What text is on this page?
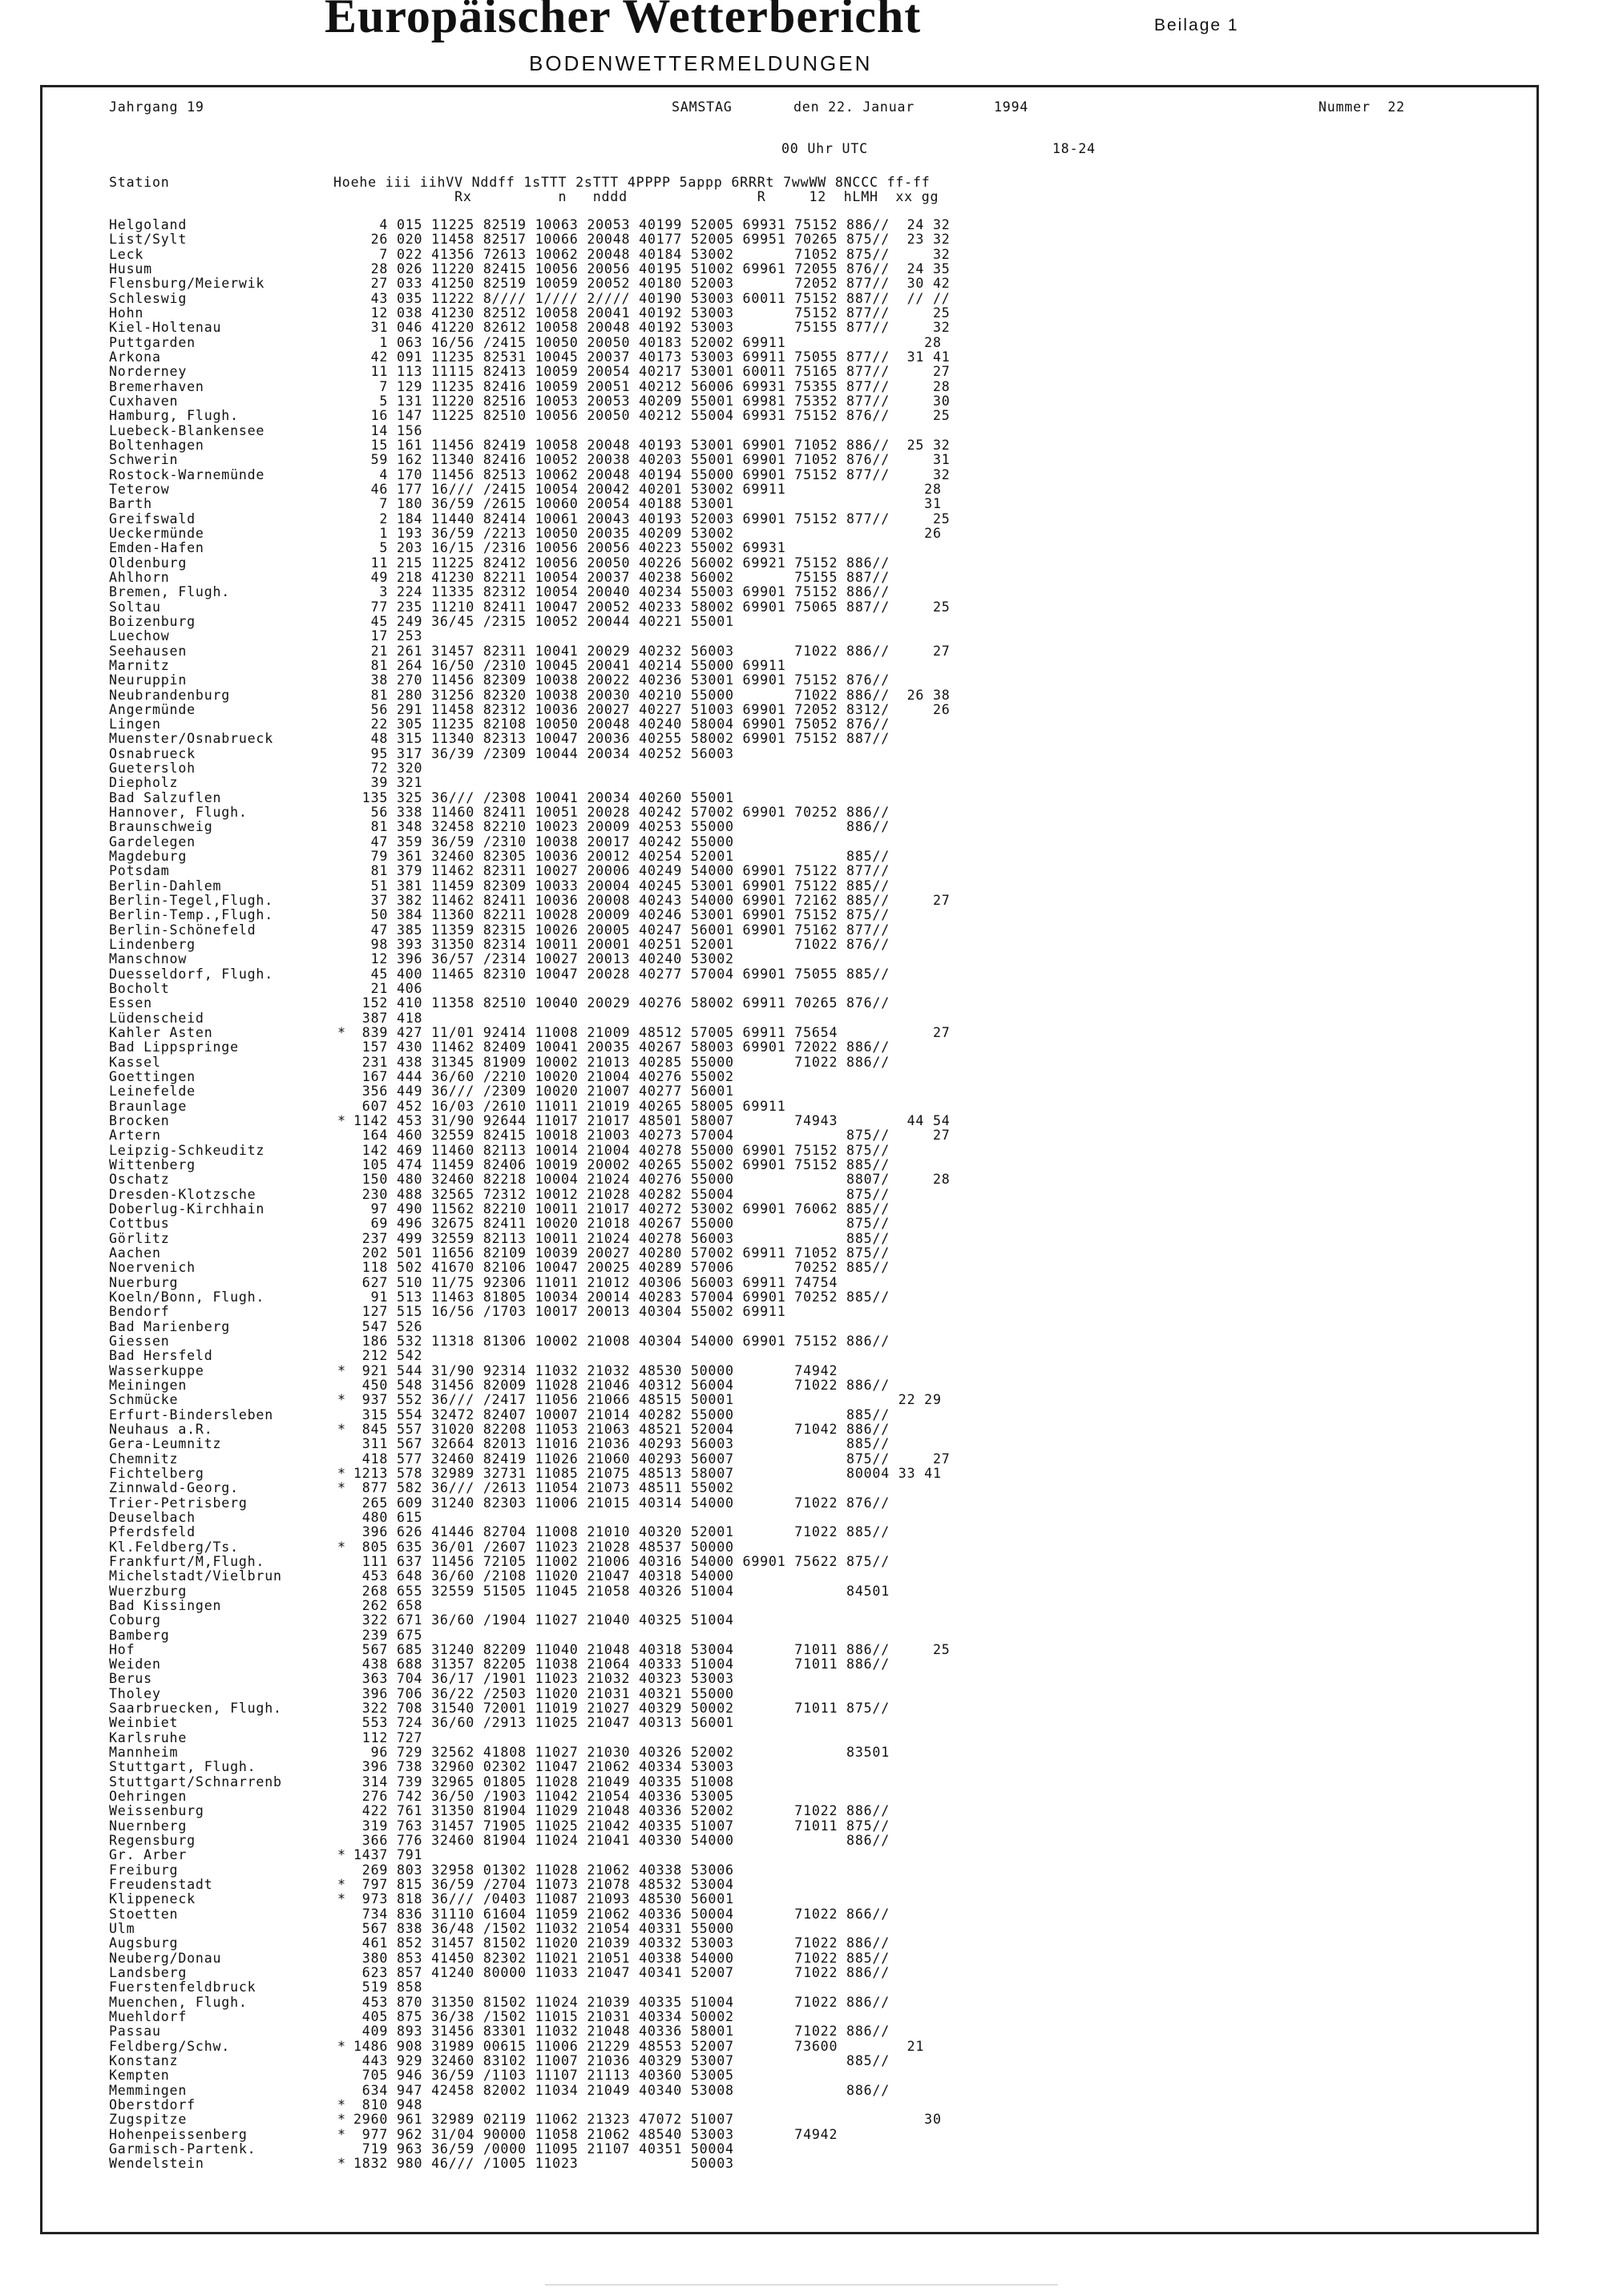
Europäischer Wetterbericht	Beilage 1
BODENWETTERMELDUNGEN
Jahrgang 19	SAMSTAG	den 22. Januar	1994	Nummer  22
00 Uhr UTC	18-24
Station	Hoehe iii iihVV Nddff 1sTTT 2sTTT 4PPPP 5appp 6RRRt 7wwWW 8NCCC ff-ff
Rx          n   nddd               R     12  hLMH  xx gg
Helgoland	4 015 11225 82519 10063 20053 40199 52005 69931 75152 886//  24 32
List/Sylt	26 020 11458 82517 10066 20048 40177 52005 69951 70265 875//  23 32
Leck	7 022 41356 72613 10062 20048 40184 53002       71052 875//     32
Husum	28 026 11220 82415 10056 20056 40195 51002 69961 72055 876//  24 35
Flensburg/Meierwik	27 033 41250 82519 10059 20052 40180 52003       72052 877//  30 42
Schleswig	43 035 11222 8//// 1//// 2//// 40190 53003 60011 75152 887//  // //
Hohn	12 038 41230 82512 10058 20041 40192 53003       75152 877//     25
Kiel-Holtenau	31 046 41220 82612 10058 20048 40192 53003       75155 877//     32
Puttgarden	1 063 16/56 /2415 10050 20050 40183 52002 69911                28
Arkona	42 091 11235 82531 10045 20037 40173 53003 69911 75055 877//  31 41
Norderney	11 113 11115 82413 10059 20054 40217 53001 60011 75165 877//     27
Bremerhaven	7 129 11235 82416 10059 20051 40212 56006 69931 75355 877//     28
Cuxhaven	5 131 11220 82516 10053 20053 40209 55001 69981 75352 877//     30
Hamburg, Flugh.	16 147 11225 82510 10056 20050 40212 55004 69931 75152 876//     25
Luebeck-Blankensee	14 156
Boltenhagen	15 161 11456 82419 10058 20048 40193 53001 69901 71052 886//  25 32
Schwerin	59 162 11340 82416 10052 20038 40203 55001 69901 71052 876//     31
Rostock-Warnemünde	4 170 11456 82513 10062 20048 40194 55000 69901 75152 877//     32
Teterow	46 177 16/// /2415 10054 20042 40201 53002 69911                28
Barth	7 180 36/59 /2615 10060 20054 40188 53001                      31
Greifswald	2 184 11440 82414 10061 20043 40193 52003 69901 75152 877//     25
Ueckermünde	1 193 36/59 /2213 10050 20035 40209 53002                      26
Emden-Hafen	5 203 16/15 /2316 10056 20056 40223 55002 69931
Oldenburg	11 215 11225 82412 10056 20050 40226 56002 69921 75152 886//
Ahlhorn	49 218 41230 82211 10054 20037 40238 56002       75155 887//
Bremen, Flugh.	3 224 11335 82312 10054 20040 40234 55003 69901 75152 886//
Soltau	77 235 11210 82411 10047 20052 40233 58002 69901 75065 887//     25
Boizenburg	45 249 36/45 /2315 10052 20044 40221 55001
Luechow	17 253
Seehausen	21 261 31457 82311 10041 20029 40232 56003       71022 886//     27
Marnitz	81 264 16/50 /2310 10045 20041 40214 55000 69911
Neuruppin	38 270 11456 82309 10038 20022 40236 53001 69901 75152 876//
Neubrandenburg	81 280 31256 82320 10038 20030 40210 55000       71022 886//  26 38
Angermünde	56 291 11458 82312 10036 20027 40227 51003 69901 72052 8312/     26
Lingen	22 305 11235 82108 10050 20048 40240 58004 69901 75052 876//
Muenster/Osnabrueck	48 315 11340 82313 10047 20036 40255 58002 69901 75152 887//
Osnabrueck	95 317 36/39 /2309 10044 20034 40252 56003
Guetersloh	72 320
Diepholz	39 321
Bad Salzuflen	135 325 36/// /2308 10041 20034 40260 55001
Hannover, Flugh.	56 338 11460 82411 10051 20028 40242 57002 69901 70252 886//
Braunschweig	81 348 32458 82210 10023 20009 40253 55000             886//
Gardelegen	47 359 36/59 /2310 10038 20017 40242 55000
Magdeburg	79 361 32460 82305 10036 20012 40254 52001             885//
Potsdam	81 379 11462 82311 10027 20006 40249 54000 69901 75122 877//
Berlin-Dahlem	51 381 11459 82309 10033 20004 40245 53001 69901 75122 885//
Berlin-Tegel,Flugh.	37 382 11462 82411 10036 20008 40243 54000 69901 72162 885//     27
Berlin-Temp.,Flugh.	50 384 11360 82211 10028 20009 40246 53001 69901 75152 875//
Berlin-Schönefeld	47 385 11359 82315 10026 20005 40247 56001 69901 75162 877//
Lindenberg	98 393 31350 82314 10011 20001 40251 52001       71022 876//
Manschnow	12 396 36/57 /2314 10027 20013 40240 53002
Duesseldorf, Flugh.	45 400 11465 82310 10047 20028 40277 57004 69901 75055 885//
Bocholt	21 406
Essen	152 410 11358 82510 10040 20029 40276 58002 69911 70265 876//
Lüdenscheid	387 418
Kahler Asten	* 839 427 11/01 92414 11008 21009 48512 57005 69911 75654           27
Bad Lippspringe	157 430 11462 82409 10041 20035 40267 58003 69901 72022 886//
Kassel	231 438 31345 81909 10002 21013 40285 55000       71022 886//
Goettingen	167 444 36/60 /2210 10020 21004 40276 55002
Leinefelde	356 449 36/// /2309 10020 21007 40277 56001
Braunlage	607 452 16/03 /2610 11011 21019 40265 58005 69911
Brocken	* 1142 453 31/90 92644 11017 21017 48501 58007       74943        44 54
Artern	164 460 32559 82415 10018 21003 40273 57004             875//     27
Leipzig-Schkeuditz	142 469 11460 82113 10014 21004 40278 55000 69901 75152 875//
Wittenberg	105 474 11459 82406 10019 20002 40265 55002 69901 75152 885//
Oschatz	150 480 32460 82218 10004 21024 40276 55000             8807/     28
Dresden-Klotzsche	230 488 32565 72312 10012 21028 40282 55004             875//
Doberlug-Kirchhain	97 490 11562 82210 10011 21017 40272 53002 69901 76062 885//
Cottbus	69 496 32675 82411 10020 21018 40267 55000             875//
Görlitz	237 499 32559 82113 10011 21024 40278 56003             885//
Aachen	202 501 11656 82109 10039 20027 40280 57002 69911 71052 875//
Noervenich	118 502 41670 82106 10047 20025 40289 57006       70252 885//
Nuerburg	627 510 11/75 92306 11011 21012 40306 56003 69911 74754
Koeln/Bonn, Flugh.	91 513 11463 81805 10034 20014 40283 57004 69901 70252 885//
Bendorf	127 515 16/56 /1703 10017 20013 40304 55002 69911
Bad Marienberg	547 526
Giessen	186 532 11318 81306 10002 21008 40304 54000 69901 75152 886//
Bad Hersfeld	212 542
Wasserkuppe	* 921 544 31/90 92314 11032 21032 48530 50000       74942
Meiningen	450 548 31456 82009 11028 21046 40312 56004       71022 886//
Schmücke	* 937 552 36/// /2417 11056 21066 48515 50001                   22 29
Erfurt-Bindersleben	315 554 32472 82407 10007 21014 40282 55000             885//
Neuhaus a.R.	* 845 557 31020 82208 11053 21063 48521 52004       71042 886//
Gera-Leumnitz	311 567 32664 82013 11016 21036 40293 56003             885//
Chemnitz	418 577 32460 82419 11026 21060 40293 56007             875//     27
Fichtelberg	* 1213 578 32989 32731 11085 21075 48513 58007             80004 33 41
Zinnwald-Georg.	* 877 582 36/// /2613 11054 21073 48511 55002
Trier-Petrisberg	265 609 31240 82303 11006 21015 40314 54000       71022 876//
Deuselbach	480 615
Pferdsfeld	396 626 41446 82704 11008 21010 40320 52001       71022 885//
Kl.Feldberg/Ts.	* 805 635 36/01 /2607 11023 21028 48537 50000
Frankfurt/M,Flugh.	111 637 11456 72105 11002 21006 40316 54000 69901 75622 875//
Michelstadt/Vielbrun	453 648 36/60 /2108 11020 21047 40318 54000
Wuerzburg	268 655 32559 51505 11045 21058 40326 51004             84501
Bad Kissingen	262 658
Coburg	322 671 36/60 /1904 11027 21040 40325 51004
Bamberg	239 675
Hof	567 685 31240 82209 11040 21048 40318 53004       71011 886//     25
Weiden	438 688 31357 82205 11038 21064 40333 51004       71011 886//
Berus	363 704 36/17 /1901 11023 21032 40323 53003
Tholey	396 706 36/22 /2503 11020 21031 40321 55000
Saarbruecken, Flugh.	322 708 31540 72001 11019 21027 40329 50002       71011 875//
Weinbiet	553 724 36/60 /2913 11025 21047 40313 56001
Karlsruhe	112 727
Mannheim	96 729 32562 41808 11027 21030 40326 52002             83501
Stuttgart, Flugh.	396 738 32960 02302 11047 21062 40334 53003
Stuttgart/Schnarrenb	314 739 32965 01805 11028 21049 40335 51008
Oehringen	276 742 36/50 /1903 11042 21054 40336 53005
Weissenburg	422 761 31350 81904 11029 21048 40336 52002       71022 886//
Nuernberg	319 763 31457 71905 11025 21042 40335 51007       71011 875//
Regensburg	366 776 32460 81904 11024 21041 40330 54000             886//
Gr. Arber	* 1437 791
Freiburg	269 803 32958 01302 11028 21062 40338 53006
Freudenstadt	* 797 815 36/59 /2704 11073 21078 48532 53004
Klippeneck	* 973 818 36/// /0403 11087 21093 48530 56001
Stoetten	734 836 31110 61604 11059 21062 40336 50004       71022 866//
Ulm	567 838 36/48 /1502 11032 21054 40331 55000
Augsburg	461 852 31457 81502 11020 21039 40332 53003       71022 886//
Neuberg/Donau	380 853 41450 82302 11021 21051 40338 54000       71022 885//
Landsberg	623 857 41240 80000 11033 21047 40341 52007       71022 886//
Fuerstenfeldbruck	519 858
Muenchen, Flugh.	453 870 31350 81502 11024 21039 40335 51004       71022 886//
Muehldorf	405 875 36/38 /1502 11015 21031 40334 50002
Passau	409 893 31456 83301 11032 21048 40336 58001       71022 886//
Feldberg/Schw.	* 1486 908 31989 00615 11006 21229 48553 52007       73600        21
Konstanz	443 929 32460 83102 11007 21036 40329 53007             885//
Kempten	705 946 36/59 /1103 11107 21113 40360 53005
Memmingen	634 947 42458 82002 11034 21049 40340 53008             886//
Oberstdorf	* 810 948
Zugspitze	* 2960 961 32989 02119 11062 21323 47072 51007                      30
Hohenpeissenberg	* 977 962 31/04 90000 11058 21062 48540 53003       74942
Garmisch-Partenk.	719 963 36/59 /0000 11095 21107 40351 50004
Wendelstein	* 1832 980 46/// /1005 11023             50003
